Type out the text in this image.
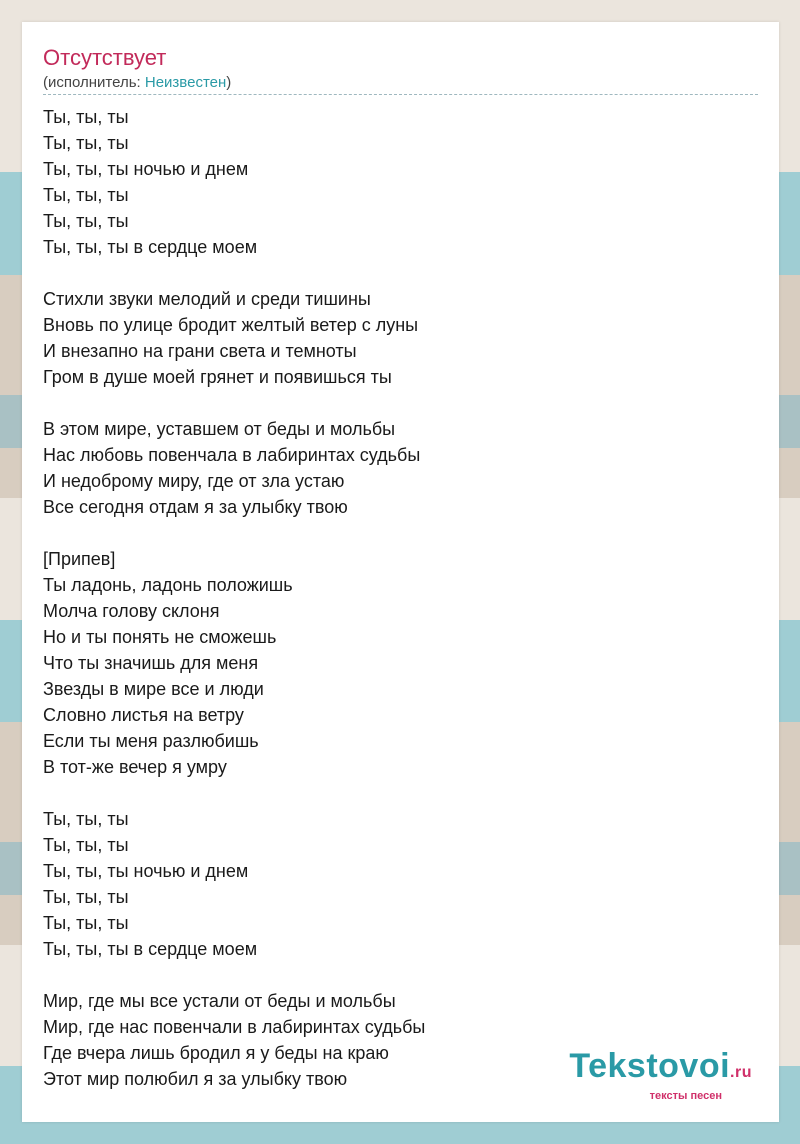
Отсутствует
(исполнитель: Неизвестен)
Ты, ты, ты
Ты, ты, ты
Ты, ты, ты ночью и днем
Ты, ты, ты
Ты, ты, ты
Ты, ты, ты в сердце моем
Стихли звуки мелодий и среди тишины
Вновь по улице бродит желтый ветер с луны
И внезапно на грани света и темноты
Гром в душе моей грянет и появишься ты
В этом мире, уставшем от беды и мольбы
Нас любовь повенчала в лабиринтах судьбы
И недоброму миру, где от зла устаю
Все сегодня отдам я за улыбку твою
[Припев]
Ты ладонь, ладонь положишь
Молча голову склоня
Но и ты понять не сможешь
Что ты значишь для меня
Звезды в мире все и люди
Словно листья на ветру
Если ты меня разлюбишь
В тот-же вечер я умру
Ты, ты, ты
Ты, ты, ты
Ты, ты, ты ночью и днем
Ты, ты, ты
Ты, ты, ты
Ты, ты, ты в сердце моем
Мир, где мы все устали от беды и мольбы
Мир, где нас повенчали в лабиринтах судьбы
Где вчера лишь бродил я у беды на краю
Этот мир полюбил я за улыбку твою	Tekstovoi.ru
тексты песен
